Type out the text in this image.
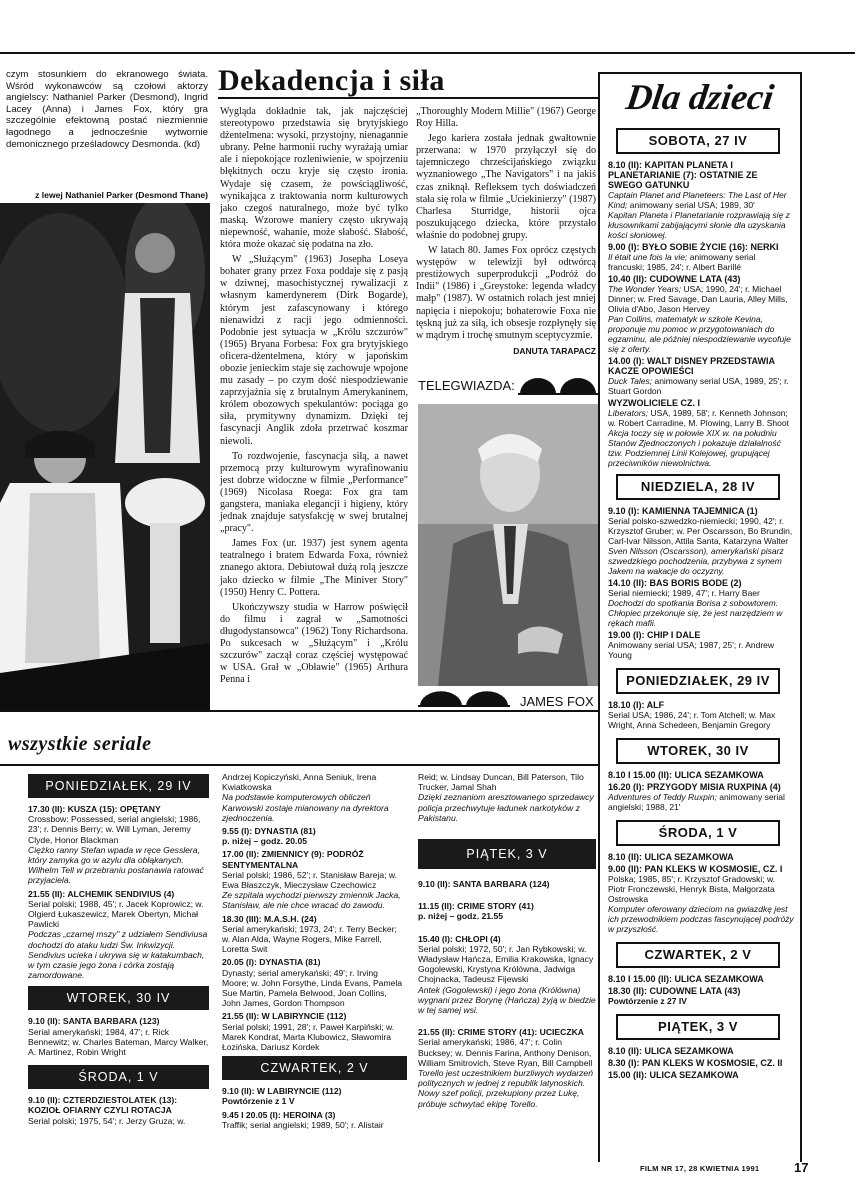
czym stosunkiem do ekranowego świata. Wśród wykonawców są czołowi aktorzy angielscy: Nathaniel Parker (Desmond), Ingrid Lacey (Anna) i James Fox, który gra szczególnie efektowną postać niezmiennie łagodnego a jednocześnie wytwornie demonicznego prześladowcy Desmonda. (kd)

z lewej Nathaniel Parker (Desmond Thane)
Dekadencja i siła

Wygląda dokładnie tak, jak najczęściej stereotypowo przedstawia się brytyjskiego dżentelmena: wysoki, przystojny, nienagannie ubrany. Pełne harmonii ruchy wyrażają umiar ale i niepokojące rozleniwienie, w spojrzeniu błękitnych oczu kryje się często ironia. Wydaje się czasem, że powściągliwość, wynikająca z traktowania norm kulturowych jako czegoś naturalnego, może być tylko maską. Wzorowe maniery często ukrywają niepewność, wahanie, może słabość. Słabość, która może okazać się podatna na zło.

W „Służącym" (1963) Josepha Loseya bohater grany przez Foxa poddaje się z pasją w dziwnej, masochistycznej rywalizacji z własnym kamerdynerem (Dirk Bogarde), którym jest zafascynowany i którego nienawidzi z racji jego odmienności. Podobnie jest sytuacja w „Królu szczurów" (1965) Bryana Forbesa: Fox gra brytyjskiego oficera-dżentelmena, który w japońskim obozie jenieckim staje się zachowuje wpojone mu zasady – po czym dość niespodziewanie zaprzyjaźnia się z brutalnym Amerykaninem, królem obozowych spekulantów: pociąga go siła, prymitywny dynamizm. Dzięki tej fascynacji Anglik zdoła przetrwać koszmar niewoli.

To rozdwojenie, fascynacja siłą, a nawet przemocą przy kulturowym wyrafinowaniu jest dobrze widoczne w filmie „Performance" (1969) Nicolasa Roega: Fox gra tam gangstera, maniaka elegancji i higieny, który jednak znajduje satysfakcję w swej brutalnej „pracy".

James Fox (ur. 1937) jest synem agenta teatralnego i bratem Edwarda Foxa, również znanego aktora. Debiutował dużą rolą jeszcze jako dziecko w filmie „The Miniver Story" (1950) Henry C. Pottera.

Ukończywszy studia w Harrow poświęcił do filmu i zagrał w „Samotności długodystansowca" (1962) Tony Richardsona. Po sukcesach w „Służącym" i „Królu szczurów" zaczął coraz częściej występować w USA. Grał w „Obławie" (1965) Arthura Penna i

„Thoroughly Modern Millie" (1967) George Roy Hilla.

Jego kariera została jednak gwałtownie przerwana: w 1970 przyłączył się do tajemniczego chrześcijańskiego związku wyznaniowego „The Navigators" i na jakiś czas zniknął. Refleksem tych doświadczeń stała się rola w filmie „Uciekinierzy" (1987) Charlesa Sturridge, historii ojca poszukującego dziecka, które przystało właśnie do podobnej grupy.

W latach 80. James Fox oprócz częstych występów w telewizji był odtwórcą prestiżowych superprodukcji „Podróż do Indii" (1986) i „Greystoke: legenda władcy małp" (1987). W ostatnich rolach jest mniej napięcia i niepokoju; bohaterowie Foxa nie tęskną już za siłą, ich obsesje rozpłynęły się w mądrym i trochę smutnym sceptycyzmie.

DANUTA TARAPACZ
TELEGWIAZDA:
JAMES FOX
wszystkie seriale
PONIEDZIAŁEK, 29 IV
17.30 (II): KUSZA (15): OPĘTANY
Crossbow: Possessed, serial angielski; 1986, 23'; r. Dennis Berry; w. Will Lyman, Jeremy Clyde, Honor Blackman
Ciężko ranny Stefan wpada w ręce Gesslera, który zamyka go w azylu dla obłąkanych. Wilhelm Tell w przebraniu postanawia ratować przyjaciela.
21.55 (II): ALCHEMIK SENDIVIUS (4)
Serial polski; 1988, 45'; r. Jacek Koprowicz; w. Olgierd Łukaszewicz, Marek Obertyn, Michał Pawlicki
Podczas „czarnej mszy" z udziałem Sendiviusa dochodzi do ataku ludzi Św. Inkwizycji. Sendivius ucieka i ukrywa się w katakumbach, w tym czasie jego żona i córka zostają zamordowane.
WTOREK, 30 IV
9.10 (II): SANTA BARBARA (123)
Serial amerykański; 1984, 47'; r. Rick Bennewitz; w. Charles Bateman, Marcy Walker, A. Martinez, Robin Wright
ŚRODA, 1 V
9.10 (II): CZTERDZIESTOLATEK (13): KOZIOŁ OFIARNY CZYLI ROTACJA
Serial polski; 1975, 54'; r. Jerzy Gruza; w.
Andrzej Kopiczyński, Anna Seniuk, Irena Kwiatkowska
Na podstawie komputerowych obliczeń Karwowski zostaje mianowany na dyrektora zjednoczenia.
9.55 (I): DYNASTIA (81)
p. niżej – godz. 20.05
17.00 (II): ZMIENNICY (9): PODRÓŻ SENTYMENTALNA
Serial polski; 1986, 52'; r. Stanisław Bareja; w. Ewa Błaszczyk, Mieczysław Czechowicz
Ze szpitala wychodzi pierwszy zmiennik Jacka, Stanisław, ale nie chce wracać do zawodu.
18.30 (III): M.A.S.H. (24)
Serial amerykański; 1973, 24'; r. Terry Becker; w. Alan Alda, Wayne Rogers, Mike Farrell, Loretta Swit
20.05 (I): DYNASTIA (81)
Dynasty; serial amerykański; 49'; r. Irving Moore; w. John Forsythe, Linda Evans, Pamela Sue Martin, Pamela Belwood, Joan Collins, John James, Gordon Thompson
21.55 (II): W LABIRYNCIE (112)
Serial polski; 1991, 28'; r. Paweł Karpiński; w. Marek Kondrat, Marta Klubowicz, Sławomira Łozińska, Dariusz Kordek
CZWARTEK, 2 V
9.10 (II): W LABIRYNCIE (112)
Powtórzenie z 1 V
9.45 I 20.05 (I): HEROINA (3)
Traffik; serial angielski; 1989, 50'; r. Alistair
Reid; w. Lindsay Duncan, Bill Paterson, Tilo Trucker, Jamal Shah
Dzięki zeznaniom aresztowanego sprzedawcy policja przechwytuje ładunek narkotyków z Pakistanu.
PIĄTEK, 3 V
9.10 (II): SANTA BARBARA (124)
11.15 (II): CRIME STORY (41)
p. niżej – godz. 21.55
15.40 (I): CHŁOPI (4)
Serial polski; 1972, 50'; r. Jan Rybkowski; w. Władysław Hańcza, Emilia Krakowska, Ignacy Gogolewski, Krystyna Królówna, Jadwiga Chojnacka, Tadeusz Fijewski
Antek (Gogolewski) i jego żona (Królówna) wygnani przez Borynę (Hańcza) żyją w biedzie w tej samej wsi.
21.55 (II): CRIME STORY (41): UCIECZKA
Serial amerykański; 1986, 47'; r. Colin Bucksey; w. Dennis Farina, Anthony Denison, William Smitrovich, Steve Ryan, Bill Campbell
Torello jest uczestnikiem burzliwych wydarzeń politycznych w jednej z republik latynoskich. Nowy szef policji, przekupiony przez Lukę, próbuje schwytać ekipę Torello.
Dla dzieci
SOBOTA, 27 IV
8.10 (II): KAPITAN PLANETA I PLANETARIANIE (7): OSTATNIE ZE SWEGO GATUNKU
Captain Planet and Planeteers: The Last of Her Kind; animowany serial USA; 1989, 30'
Kapitan Planeta i Planetarianie rozprawiają się z kłusownikami zabijającymi słonie dla uzyskania kości słoniowej.
9.00 (I): BYŁO SOBIE ŻYCIE (16): NERKI
Il était une fois la vie; animowany serial francuski; 1985, 24'; r. Albert Barillé
10.40 (II): CUDOWNE LATA (43)
The Wonder Years; USA; 1990, 24'; r. Michael Dinner; w. Fred Savage, Dan Lauria, Alley Mills, Olivia d'Abo, Jason Hervey
Pan Collins, matematyk w szkole Kevina, proponuje mu pomoc w przygotowaniach do egzaminu, ale później niespodziewanie wycofuje się z oferty.
14.00 (I): WALT DISNEY PRZEDSTAWIA KACZE OPOWIEŚCI
Duck Tales; animowany serial USA, 1989, 25'; r. Stuart Gordon
WYZWOLICIELE CZ. I
Liberators; USA, 1989, 58'; r. Kenneth Johnson; w. Robert Carradine, M. Plowing, Larry B. Shoot
Akcja toczy się w połowie XIX w. na południu Stanów Zjednoczonych i pokazuje działalność tzw. Podziemnej Linii Kolejowej, grupującej przeciwników niewolnictwa.
NIEDZIELA, 28 IV
9.10 (I): KAMIENNA TAJEMNICA (1)
Serial polsko-szwedzko-niemiecki; 1990, 42'; r. Krzysztof Gruber; w. Per Oscarsson, Bo Brundin, Carl-Ivar Nilsson, Attila Santa, Katarzyna Walter
Sven Nilsson (Oscarsson), amerykański pisarz szwedzkiego pochodzenia, przybywa z synem Jakem na wakacje do oczyzny.
14.10 (II): BAS BORIS BODE (2)
Serial niemiecki; 1989, 47'; r. Harry Baer
Dochodzi do spotkania Borisa z sobowtorem. Chłopiec przekonuje się, że jest narzędziem w rękach mafii.
19.00 (I): CHIP I DALE
Animowany serial USA; 1987, 25'; r. Andrew Young
PONIEDZIAŁEK, 29 IV
18.10 (I): ALF
Serial USA; 1986, 24'; r. Tom Atchell; w. Max Wright, Anna Schedeen, Benjamin Gregory
WTOREK, 30 IV
8.10 I 15.00 (II): ULICA SEZAMKOWA
16.20 (I): PRZYGODY MISIA RUXPINA (4)
Adventures of Teddy Ruxpin; animowany serial angielski; 1988, 21'
ŚRODA, 1 V
8.10 (II): ULICA SEZAMKOWA
9.00 (II): PAN KLEKS W KOSMOSIE, CZ. I
Polska; 1985, 85'; r. Krzysztof Gradowski; w. Piotr Fronczewski, Henryk Bista, Małgorzata Ostrowska
Komputer oferowany dzieciom na gwiazdkę jest ich przewodnikiem podczas fascynującej podróży w przyszłość.
CZWARTEK, 2 V
8.10 I 15.00 (II): ULICA SEZAMKOWA
18.30 (II): CUDOWNE LATA (43)
Powtórzenie z 27 IV
PIĄTEK, 3 V
8.10 (II): ULICA SEZAMKOWA
8.30 (I): PAN KLEKS W KOSMOSIE, CZ. II
15.00 (II): ULICA SEZAMKOWA
FILM NR 17, 28 KWIETNIA 1991	17
